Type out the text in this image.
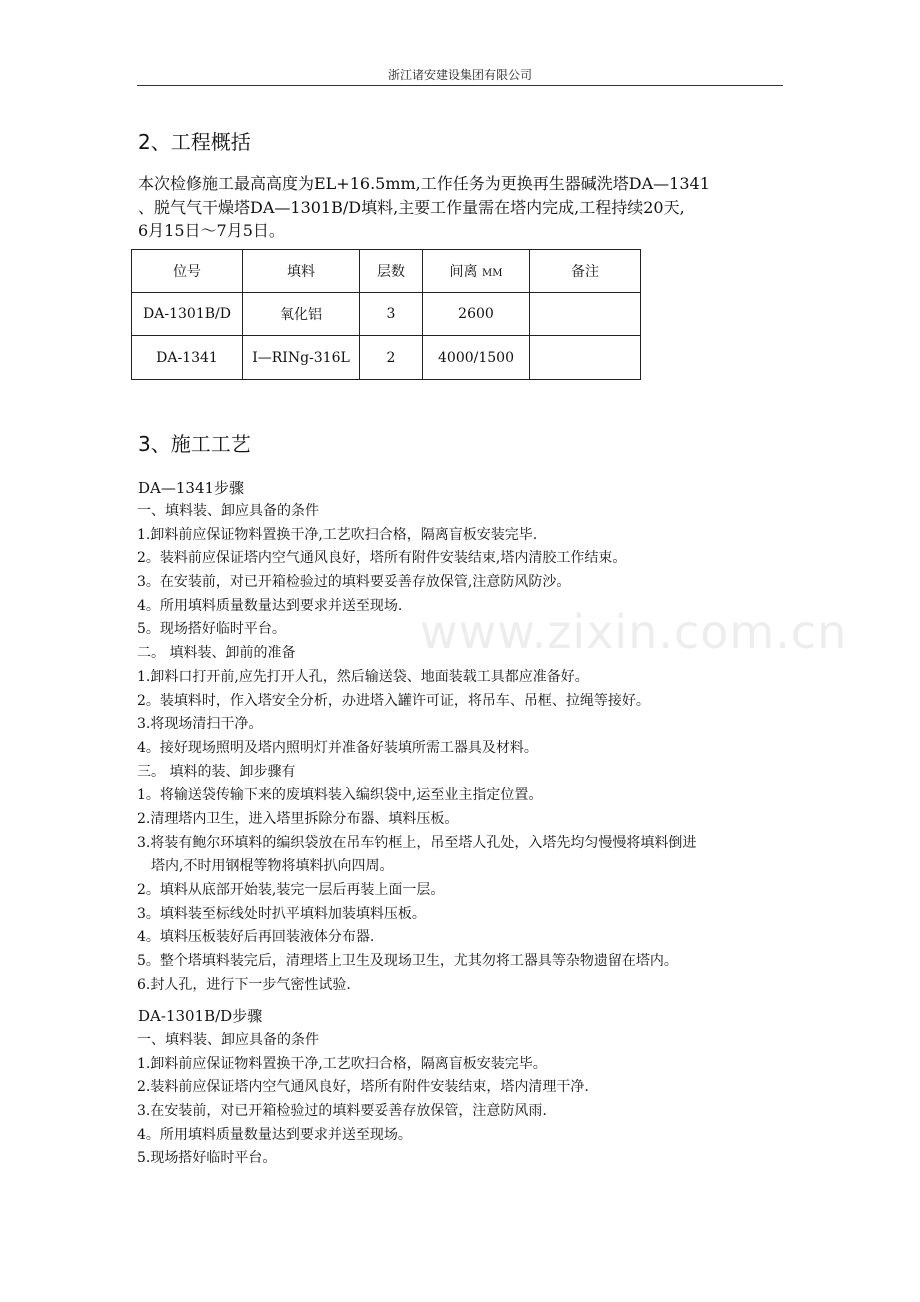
浙江诸安建设集团有限公司
2、工程概括
本次检修施工最高高度为EL+16.5mm,工作任务为更换再生器碱洗塔DA—1341
、脱气气干燥塔DA—1301B/D填料,主要工作量需在塔内完成,工程持续20天,
6月15日～7月5日。
位号	填料	层数	间离 MM	备注
DA-1301B/D	氧化铝	3	2600	
DA-1341	I—RINg-316L	2	4000/1500	
3、施工工艺
DA—1341步骤
一、填料装、卸应具备的条件
1.卸料前应保证物料置换干净,工艺吹扫合格，隔离盲板安装完毕.
2。装料前应保证塔内空气通风良好，塔所有附件安装结束,塔内清胶工作结束。
3。在安装前，对已开箱检验过的填料要妥善存放保管,注意防风防沙。
4。所用填料质量数量达到要求并送至现场.
5。现场搭好临时平台。
二。 填料装、卸前的准备
1.卸料口打开前,应先打开人孔，然后输送袋、地面装载工具都应准备好。
2。装填料时，作入塔安全分析，办进塔入罐许可证，将吊车、吊框、拉绳等接好。
3.将现场清扫干净。
4。接好现场照明及塔内照明灯并准备好装填所需工器具及材料。
三。 填料的装、卸步骤有
1。将输送袋传输下来的废填料装入编织袋中,运至业主指定位置。
2.清理塔内卫生，进入塔里拆除分布器、填料压板。
3.将装有鲍尔环填料的编织袋放在吊车钓框上，吊至塔人孔处，入塔先均匀慢慢将填料倒进
塔内,不时用钢棍等物将填料扒向四周。
2。填料从底部开始装,装完一层后再装上面一层。
3。填料装至标线处时扒平填料加装填料压板。
4。填料压板装好后再回装液体分布器.
5。整个塔填料装完后，清理塔上卫生及现场卫生，尤其勿将工器具等杂物遗留在塔内。
6.封人孔，进行下一步气密性试验.
DA-1301B/D步骤
一、填料装、卸应具备的条件
1.卸料前应保证物料置换干净,工艺吹扫合格，隔离盲板安装完毕。
2.装料前应保证塔内空气通风良好，塔所有附件安装结束，塔内清理干净.
3.在安装前，对已开箱检验过的填料要妥善存放保管，注意防风雨.
4。所用填料质量数量达到要求并送至现场。
5.现场搭好临时平台。
www.zixin.com.cn
